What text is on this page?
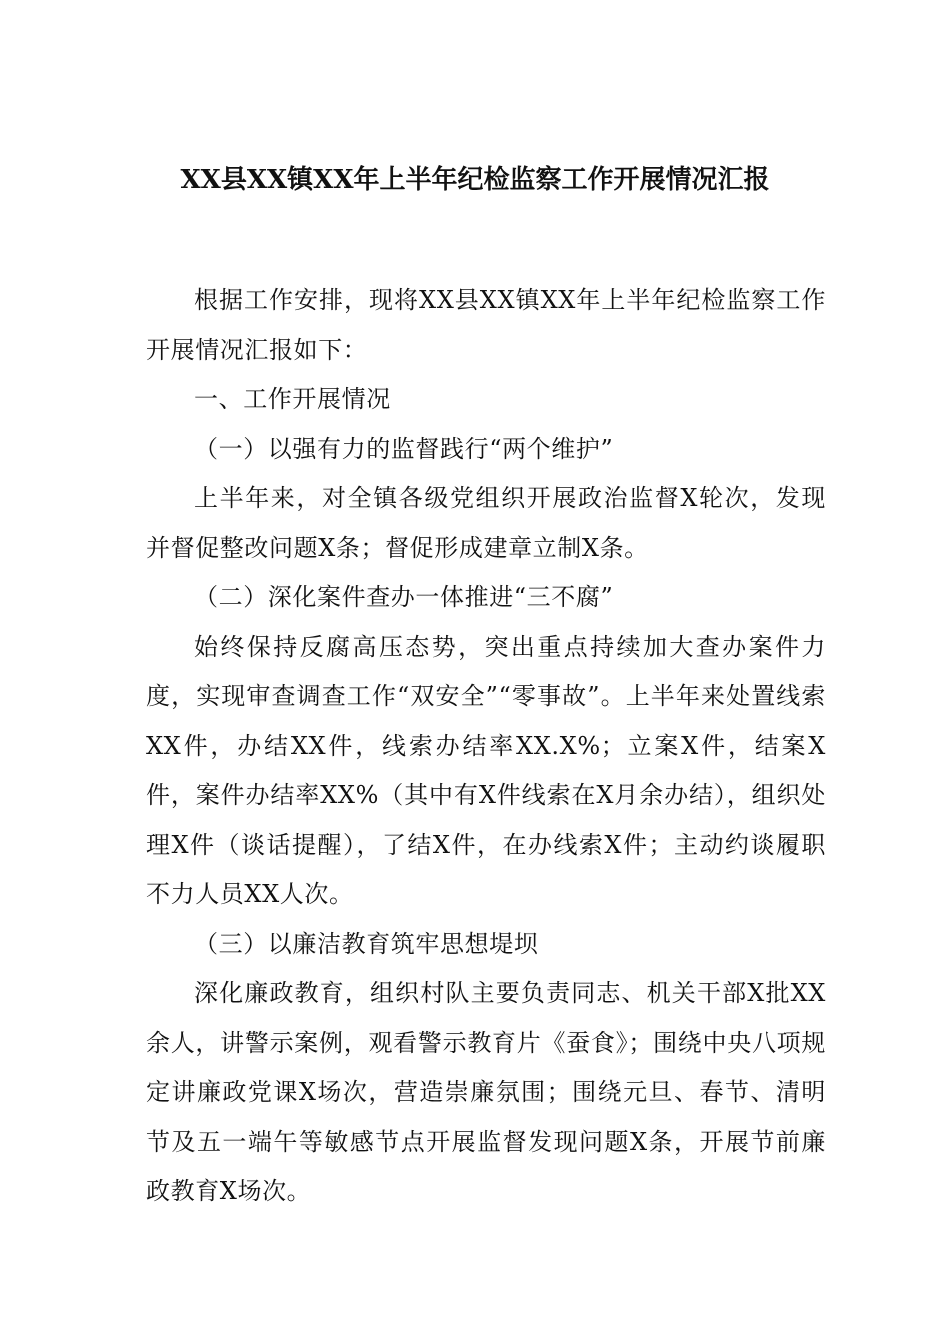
XX县XX镇XX年上半年纪检监察工作开展情况汇报

根据工作安排，现将XX县XX镇XX年上半年纪检监察工作开展情况汇报如下：

一、工作开展情况

（一）以强有力的监督践行“两个维护”

上半年来，对全镇各级党组织开展政治监督X轮次，发现并督促整改问题X条；督促形成建章立制X条。

（二）深化案件查办一体推进“三不腐”

始终保持反腐高压态势，突出重点持续加大查办案件力度，实现审查调查工作“双安全”“零事故”。上半年来处置线索XX件，办结XX件，线索办结率XX.X%；立案X件，结案X件，案件办结率XX%（其中有X件线索在X月余办结），组织处理X件（谈话提醒），了结X件，在办线索X件；主动约谈履职不力人员XX人次。

（三）以廉洁教育筑牢思想堤坝

深化廉政教育，组织村队主要负责同志、机关干部X批XX余人，讲警示案例，观看警示教育片《蚕食》；围绕中央八项规定讲廉政党课X场次，营造崇廉氛围；围绕元旦、春节、清明节及五一端午等敏感节点开展监督发现问题X条，开展节前廉政教育X场次。
